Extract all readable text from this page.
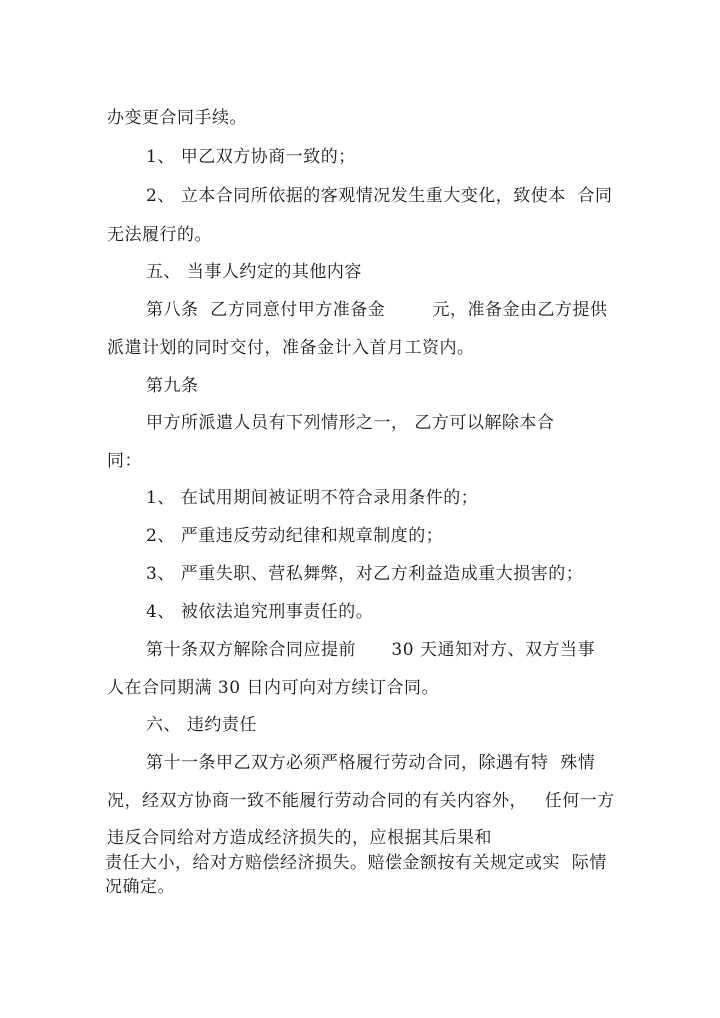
办变更合同手续。
1、 甲乙双方协商一致的；
2、 立本合同所依据的客观情况发生重大变化，致使本  合同
无法履行的。
五、 当事人约定的其他内容
第八条  乙方同意付甲方准备金        元，准备金由乙方提供
派遣计划的同时交付，准备金计入首月工资内。
第九条
甲方所派遣人员有下列情形之一， 乙方可以解除本合
同：
1、 在试用期间被证明不符合录用条件的；
2、 严重违反劳动纪律和规章制度的；
3、 严重失职、营私舞弊，对乙方利益造成重大损害的；
4、 被依法追究刑事责任的。
第十条双方解除合同应提前      30 天通知对方、双方当事
人在合同期满 30 日内可向对方续订合同。
六、 违约责任
第十一条甲乙双方必须严格履行劳动合同，除遇有特  殊情
况，经双方协商一致不能履行劳动合同的有关内容外，   任何一方
违反合同给对方造成经济损失的，应根据其后果和
责任大小，给对方赔偿经济损失。赔偿金额按有关规定或实  际情
况确定。
